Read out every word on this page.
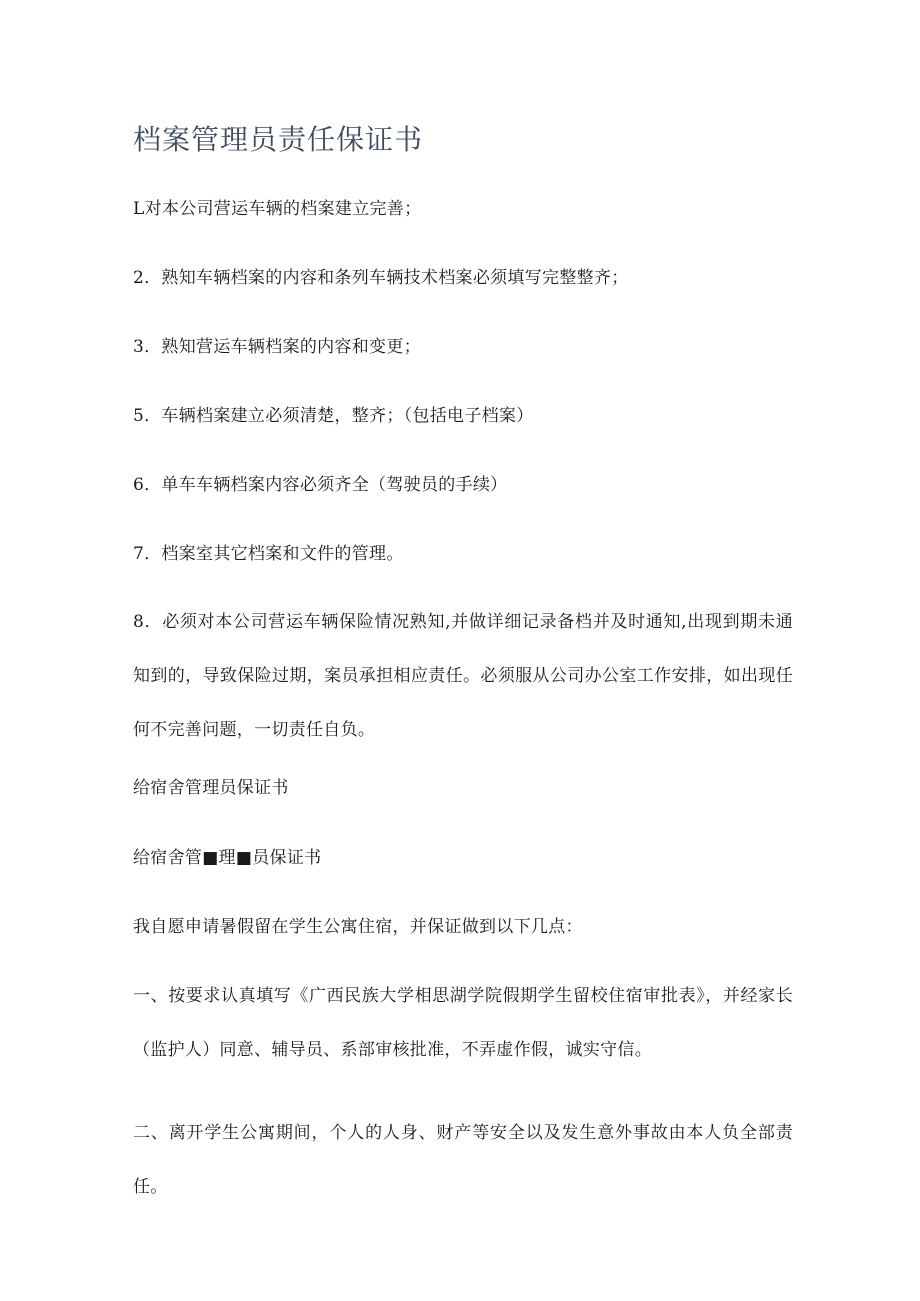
档案管理员责任保证书
L对本公司营运车辆的档案建立完善；
2．熟知车辆档案的内容和条列车辆技术档案必须填写完整整齐；
3．熟知营运车辆档案的内容和变更；
5．车辆档案建立必须清楚，整齐；（包括电子档案）
6．单车车辆档案内容必须齐全（驾驶员的手续）
7．档案室其它档案和文件的管理。
8．必须对本公司营运车辆保险情况熟知,并做详细记录备档并及时通知,出现到期未通知到的，导致保险过期，案员承担相应责任。必须服从公司办公室工作安排，如出现任何不完善问题，一切责任自负。
给宿舍管理员保证书
给宿舍管■理■员保证书
我自愿申请暑假留在学生公寓住宿，并保证做到以下几点：
一、按要求认真填写《广西民族大学相思湖学院假期学生留校住宿审批表》，并经家长（监护人）同意、辅导员、系部审核批准，不弄虚作假，诚实守信。
二、离开学生公寓期间，个人的人身、财产等安全以及发生意外事故由本人负全部责任。
